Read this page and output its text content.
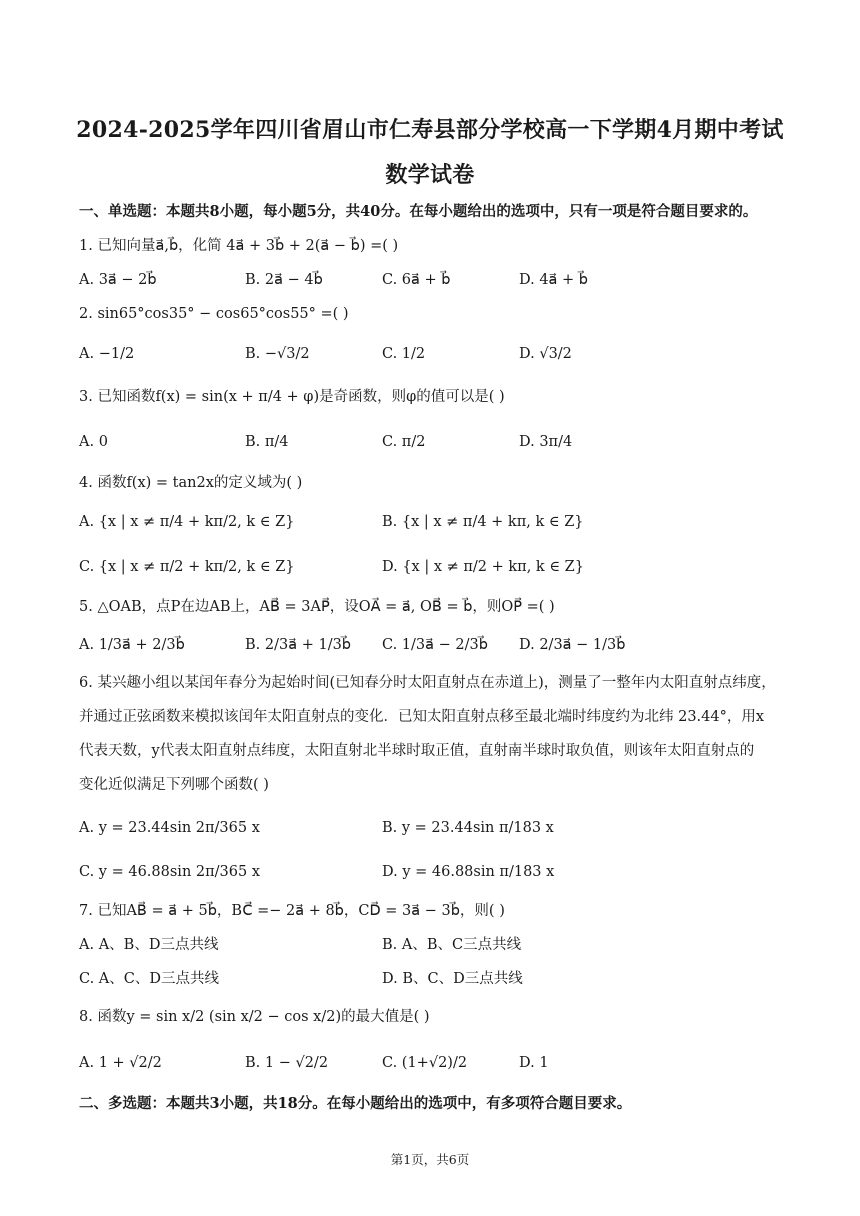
2024-2025学年四川省眉山市仁寿县部分学校高一下学期4月期中考试
数学试卷
一、单选题：本题共8小题，每小题5分，共40分。在每小题给出的选项中，只有一项是符合题目要求的。
1. 已知向量a⃗,b⃗，化简 4a⃗ + 3b⃗ + 2(a⃗ − b⃗) =( )
A. 3a⃗ − 2b⃗	B. 2a⃗ − 4b⃗	C. 6a⃗ + b⃗	D. 4a⃗ + b⃗
2. sin65°cos35° − cos65°cos55° =( )
A. −1/2	B. −√3/2	C. 1/2	D. √3/2
3. 已知函数f(x) = sin(x + π/4 + φ)是奇函数，则φ的值可以是( )
A. 0	B. π/4	C. π/2	D. 3π/4
4. 函数f(x) = tan2x的定义域为( )
A. {x | x ≠ π/4 + kπ/2, k ∈ Z}	B. {x | x ≠ π/4 + kπ, k ∈ Z}
C. {x | x ≠ π/2 + kπ/2, k ∈ Z}	D. {x | x ≠ π/2 + kπ, k ∈ Z}
5. △OAB，点P在边AB上，AB⃗ = 3AP⃗，设OA⃗ = a⃗, OB⃗ = b⃗，则OP⃗ =( )
A. 1/3a⃗ + 2/3b⃗	B. 2/3a⃗ + 1/3b⃗ C. 1/3a⃗ − 2/3b⃗ D. 2/3a⃗ − 1/3b⃗
6. 某兴趣小组以某闰年春分为起始时间(已知春分时太阳直射点在赤道上)，测量了一整年内太阳直射点纬度，
并通过正弦函数来模拟该闰年太阳直射点的变化．已知太阳直射点移至最北端时纬度约为北纬 23.44°，用x
代表天数，y代表太阳直射点纬度，太阳直射北半球时取正值，直射南半球时取负值，则该年太阳直射点的
变化近似满足下列哪个函数( )
A. y = 23.44sin 2π/365 x	B. y = 23.44sin π/183 x
C. y = 46.88sin 2π/365 x	D. y = 46.88sin π/183 x
7. 已知AB⃗ = a⃗ + 5b⃗，BC⃗ =− 2a⃗ + 8b⃗，CD⃗ = 3a⃗ − 3b⃗，则( )
A. A、B、D三点共线	B. A、B、C三点共线
C. A、C、D三点共线	D. B、C、D三点共线
8. 函数y = sin x/2 (sin x/2 − cos x/2)的最大值是( )
A. 1 + √2/2	B. 1 − √2/2	C. (1+√2)/2	D. 1
二、多选题：本题共3小题，共18分。在每小题给出的选项中，有多项符合题目要求。
第1页，共6页
